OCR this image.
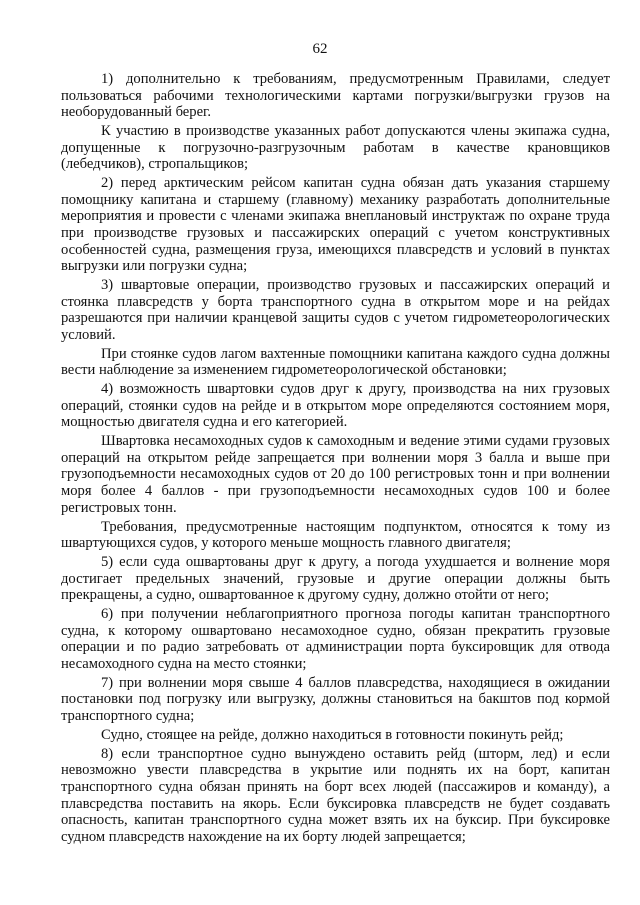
62

1) дополнительно к требованиям, предусмотренным Правилами, следует пользоваться рабочими технологическими картами погрузки/выгрузки грузов на необорудованный берег.

К участию в производстве указанных работ допускаются члены экипажа судна, допущенные к погрузочно-разгрузочным работам в качестве крановщиков (лебедчиков), стропальщиков;

2) перед арктическим рейсом капитан судна обязан дать указания старшему помощнику капитана и старшему (главному) механику разработать дополнительные мероприятия и провести с членами экипажа внеплановый инструктаж по охране труда при производстве грузовых и пассажирских операций с учетом конструктивных особенностей судна, размещения груза, имеющихся плавсредств и условий в пунктах выгрузки или погрузки судна;

3) швартовые операции, производство грузовых и пассажирских операций и стоянка плавсредств у борта транспортного судна в открытом море и на рейдах разрешаются при наличии кранцевой защиты судов с учетом гидрометеорологических условий.

При стоянке судов лагом вахтенные помощники капитана каждого судна должны вести наблюдение за изменением гидрометеорологической обстановки;

4) возможность швартовки судов друг к другу, производства на них грузовых операций, стоянки судов на рейде и в открытом море определяются состоянием моря, мощностью двигателя судна и его категорией.

Швартовка несамоходных судов к самоходным и ведение этими судами грузовых операций на открытом рейде запрещается при волнении моря 3 балла и выше при грузоподъемности несамоходных судов от 20 до 100 регистровых тонн и при волнении моря более 4 баллов - при грузоподъемности несамоходных судов 100 и более регистровых тонн.

Требования, предусмотренные настоящим подпунктом, относятся к тому из швартующихся судов, у которого меньше мощность главного двигателя;

5) если суда ошвартованы друг к другу, а погода ухудшается и волнение моря достигает предельных значений, грузовые и другие операции должны быть прекращены, а судно, ошвартованное к другому судну, должно отойти от него;

6) при получении неблагоприятного прогноза погоды капитан транспортного судна, к которому ошвартовано несамоходное судно, обязан прекратить грузовые операции и по радио затребовать от администрации порта буксировщик для отвода несамоходного судна на место стоянки;

7) при волнении моря свыше 4 баллов плавсредства, находящиеся в ожидании постановки под погрузку или выгрузку, должны становиться на бакштов под кормой транспортного судна;

Судно, стоящее на рейде, должно находиться в готовности покинуть рейд;

8) если транспортное судно вынуждено оставить рейд (шторм, лед) и если невозможно увести плавсредства в укрытие или поднять их на борт, капитан транспортного судна обязан принять на борт всех людей (пассажиров и команду), а плавсредства поставить на якорь. Если буксировка плавсредств не будет создавать опасность, капитан транспортного судна может взять их на буксир. При буксировке судном плавсредств нахождение на их борту людей запрещается;
